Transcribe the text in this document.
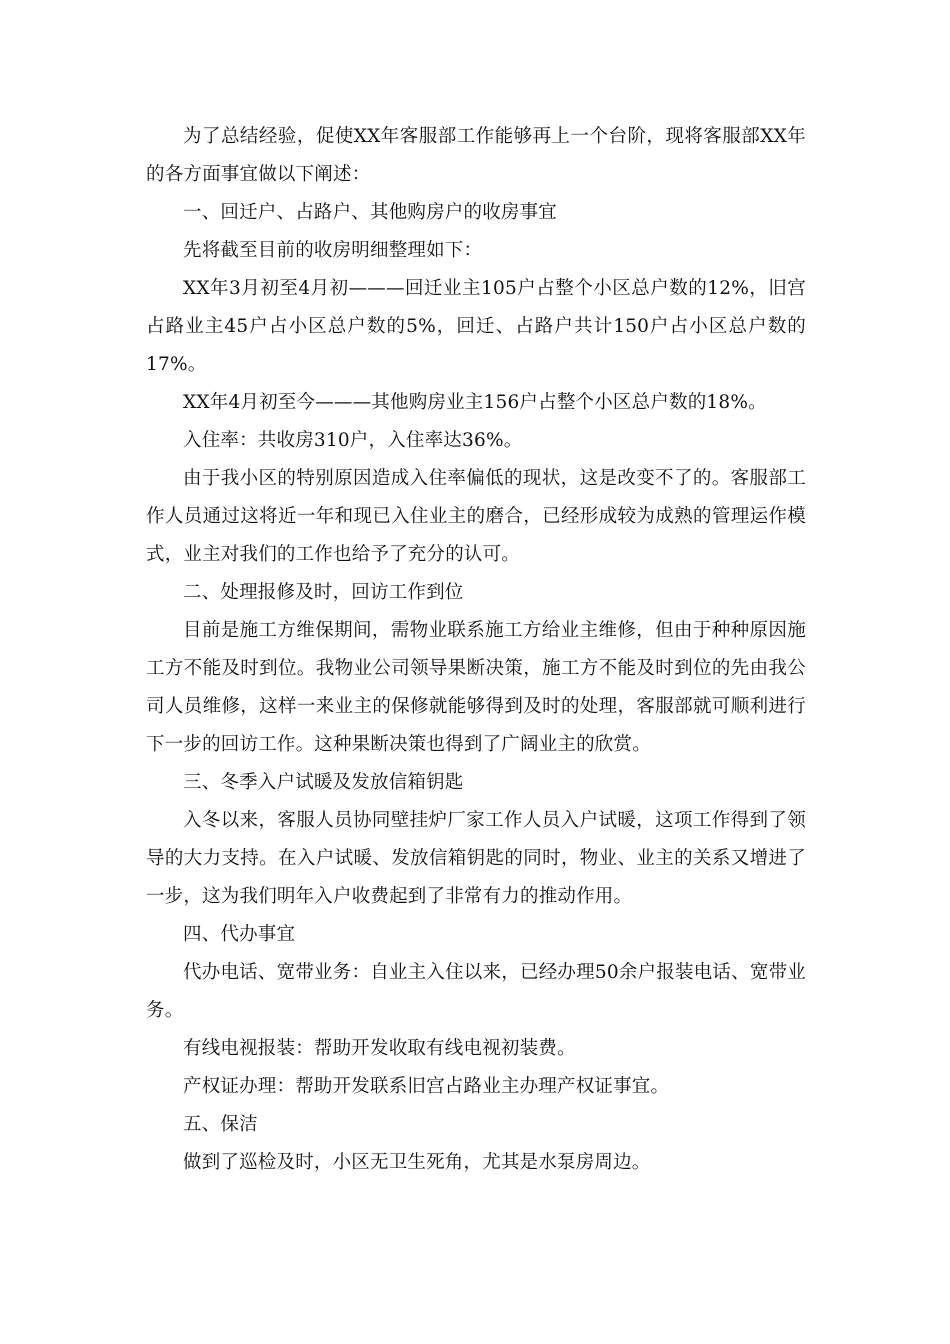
为了总结经验，促使XX年客服部工作能够再上一个台阶，现将客服部XX年的各方面事宜做以下阐述：

一、回迁户、占路户、其他购房户的收房事宜

先将截至目前的收房明细整理如下：

XX年3月初至4月初———回迁业主105户占整个小区总户数的12%，旧宫占路业主45户占小区总户数的5%，回迁、占路户共计150户占小区总户数的17%。

XX年4月初至今———其他购房业主156户占整个小区总户数的18%。

入住率：共收房310户，入住率达36%。

由于我小区的特别原因造成入住率偏低的现状，这是改变不了的。客服部工作人员通过这将近一年和现已入住业主的磨合，已经形成较为成熟的管理运作模式，业主对我们的工作也给予了充分的认可。

二、处理报修及时，回访工作到位

目前是施工方维保期间，需物业联系施工方给业主维修，但由于种种原因施工方不能及时到位。我物业公司领导果断决策，施工方不能及时到位的先由我公司人员维修，这样一来业主的保修就能够得到及时的处理，客服部就可顺利进行下一步的回访工作。这种果断决策也得到了广阔业主的欣赏。

三、冬季入户试暖及发放信箱钥匙

入冬以来，客服人员协同壁挂炉厂家工作人员入户试暖，这项工作得到了领导的大力支持。在入户试暖、发放信箱钥匙的同时，物业、业主的关系又增进了一步，这为我们明年入户收费起到了非常有力的推动作用。

四、代办事宜

代办电话、宽带业务：自业主入住以来，已经办理50余户报装电话、宽带业务。

有线电视报装：帮助开发收取有线电视初装费。

产权证办理：帮助开发联系旧宫占路业主办理产权证事宜。

五、保洁

做到了巡检及时，小区无卫生死角，尤其是水泵房周边。
